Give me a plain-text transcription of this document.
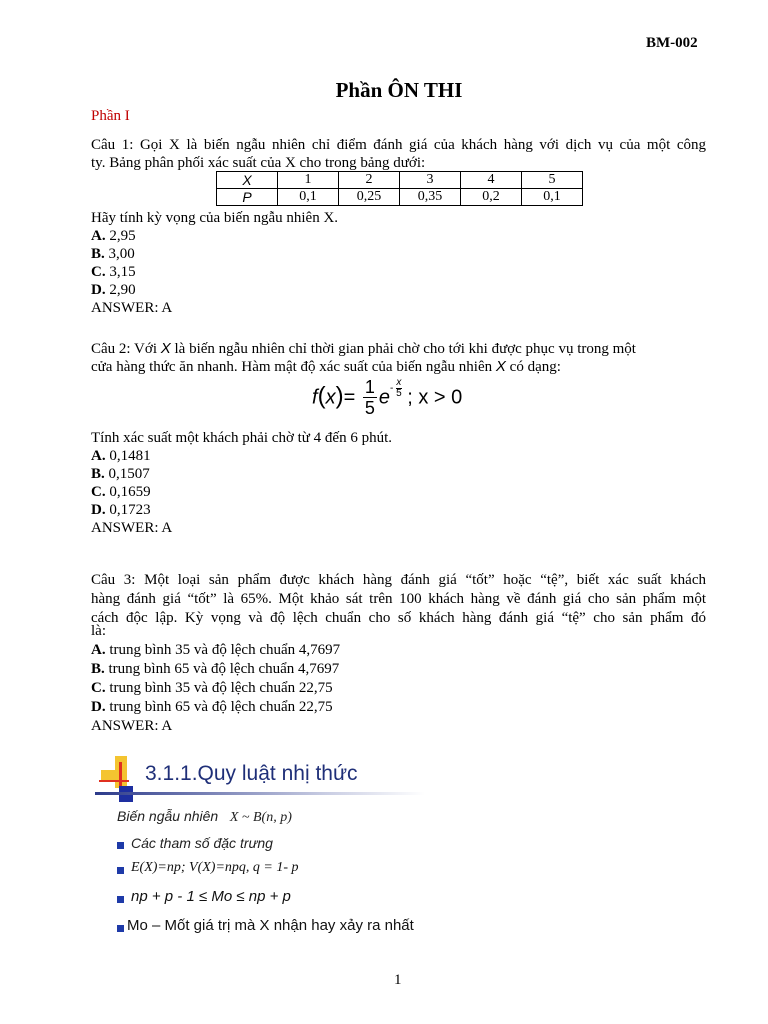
BM-002
Phần ÔN THI
Phần I
Câu 1: Gọi X là biến ngẫu nhiên chỉ điểm đánh giá của khách hàng với dịch vụ của một công
ty. Bảng phân phối xác suất của X cho trong bảng dưới:
X	1	2	3	4	5
P	0,1	0,25	0,35	0,2	0,1
Hãy tính kỳ vọng của biến ngẫu nhiên X.
A. 2,95
B. 3,00
C. 3,15
D. 2,90
ANSWER: A
Câu 2: Với X là biến ngẫu nhiên chỉ thời gian phải chờ cho tới khi được phục vụ trong một
cửa hàng thức ăn nhanh. Hàm mật độ xác suất của biến ngẫu nhiên X có dạng:
$f(x)= \frac{1}{5} e^{- \frac{x}{5}}$ ; x > 0
Tính xác suất một khách phải chờ từ 4 đến 6 phút.
A. 0,1481
B. 0,1507
C. 0,1659
D. 0,1723
ANSWER: A
Câu 3: Một loại sản phẩm được khách hàng đánh giá “tốt” hoặc “tệ”, biết xác suất khách
hàng đánh giá “tốt” là 65%. Một khảo sát trên 100 khách hàng về đánh giá cho sản phẩm một
cách độc lập. Kỳ vọng và độ lệch chuẩn cho số khách hàng đánh giá “tệ” cho sản phẩm đó
là:
A. trung bình 35 và độ lệch chuẩn 4,7697
B. trung bình 65 và độ lệch chuẩn 4,7697
C. trung bình 35 và độ lệch chuẩn 22,75
D. trung bình 65 và độ lệch chuẩn 22,75
ANSWER: A
3.1.1.Quy luật nhị thức
Biến ngẫu nhiên X ~ B(n, p)
Các tham số đặc trưng
E(X)=np; V(X)=npq, q = 1- p
np + p - 1 ≤ Mo ≤ np + p
Mo – Mốt giá trị mà X nhận hay xảy ra nhất
1
